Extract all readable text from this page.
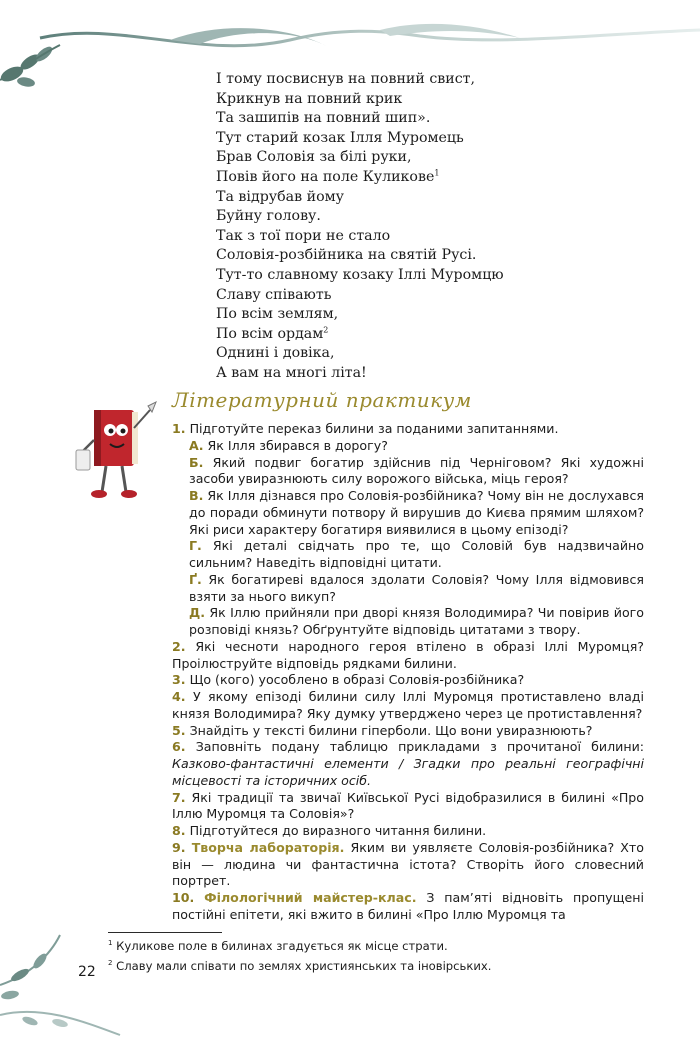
І тому посвиснув на повний свист,
Крикнув на повний крик
Та зашипів на повний шип».
Тут старий козак Ілля Муромець
Брав Соловія за білі руки,
Повів його на поле Куликове$^1$
Та відрубав йому
Буйну голову.
Так з тої пори не стало
Соловія-розбійника на святій Русі.
Тут-то славному козаку Іллі Муромцю
Славу співають
По всім землям,
По всім ордам$^2$
Однині і довіка,
А вам на многі літа!
Літературний практикум

1. Підготуйте переказ билини за поданими запитаннями.

А. Як Ілля збирався в дорогу?

Б. Який подвиг богатир здійснив під Черніговом? Які художні засоби увиразнюють силу ворожого війська, міць героя?

В. Як Ілля дізнався про Соловія-розбійника? Чому він не дослухався до поради обминути потвору й вирушив до Києва прямим шляхом? Які риси характеру богатиря виявилися в цьому епізоді?

Г. Які деталі свідчать про те, що Соловій був надзвичайно сильним? Наведіть відповідні цитати.

Ґ. Як богатиреві вдалося здолати Соловія? Чому Ілля відмовився взяти за нього викуп?

Д. Як Іллю прийняли при дворі князя Володимира? Чи повірив його розповіді князь? Обґрунтуйте відповідь цитатами з твору.

2. Які чесноти народного героя втілено в образі Іллі Муромця? Проілюструйте відповідь рядками билини.

3. Що (кого) уособлено в образі Соловія-розбійника?

4. У якому епізоді билини силу Іллі Муромця протиставлено владі князя Володимира? Яку думку утверджено через це протиставлення?

5. Знайдіть у тексті билини гіперболи. Що вони увиразнюють?

6. Заповніть подану таблицю прикладами з прочитаної билини: Казково-фантастичні елементи / Згадки про реальні географічні місцевості та історичних осіб.

7. Які традиції та звичаї Київської Русі відобразилися в билині «Про Іллю Муромця та Соловія»?

8. Підготуйтеся до виразного читання билини.

9. Творча лабораторія. Яким ви уявляєте Соловія-розбійника? Хто він — людина чи фантастична істота? Створіть його словесний портрет.

10. Філологічний майстер-клас. З пам’яті відновіть пропущені постійні епітети, які вжито в билині «Про Іллю Муромця та

$^1$ Куликове поле в билинах згадується як місце страти.

$^2$ Славу мали співати по землях християнських та іновірських.

22
